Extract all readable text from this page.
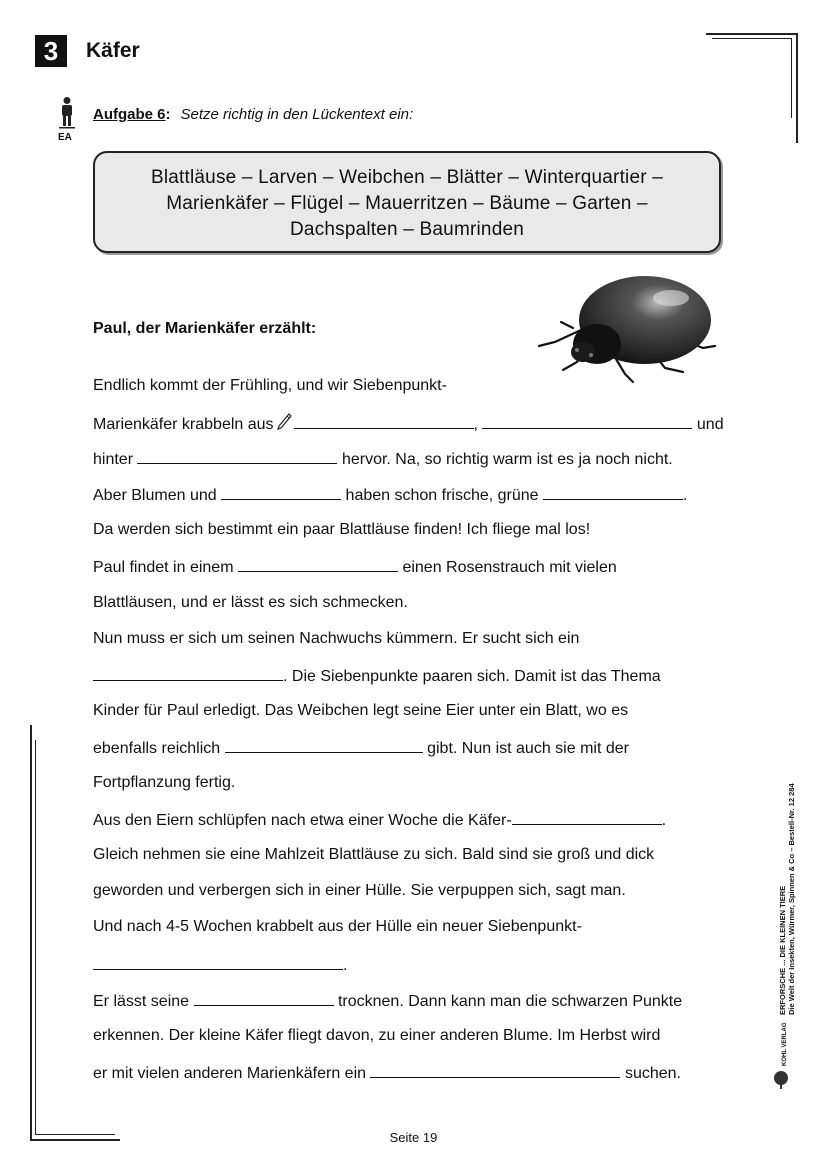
3	Käfer
EA
Aufgabe 6: Setze richtig in den Lückentext ein:
Blattläuse – Larven – Weibchen – Blätter – Winterquartier –
Marienkäfer – Flügel – Mauerritzen – Bäume – Garten –
Dachspalten – Baumrinden
Paul, der Marienkäfer erzählt:
Endlich kommt der Frühling, und wir Siebenpunkt-
Marienkäfer krabbeln aus	,	und
hinter	hervor. Na, so richtig warm ist es ja noch nicht.
Aber Blumen und	haben schon frische, grüne	.
Da werden sich bestimmt ein paar Blattläuse finden! Ich fliege mal los!
Paul findet in einem	einen Rosenstrauch mit vielen
Blattläusen, und er lässt es sich schmecken.
Nun muss er sich um seinen Nachwuchs kümmern. Er sucht sich ein
. Die Siebenpunkte paaren sich. Damit ist das Thema
Kinder für Paul erledigt. Das Weibchen legt seine Eier unter ein Blatt, wo es
ebenfalls reichlich	gibt. Nun ist auch sie mit der
Fortpflanzung fertig.
Aus den Eiern schlüpfen nach etwa einer Woche die Käfer-	.
Gleich nehmen sie eine Mahlzeit Blattläuse zu sich. Bald sind sie groß und dick
geworden und verbergen sich in einer Hülle. Sie verpuppen sich, sagt man.
Und nach 4-5 Wochen krabbelt aus der Hülle ein neuer Siebenpunkt-
.
Er lässt seine	trocknen. Dann kann man die schwarzen Punkte
erkennen. Der kleine Käfer fliegt davon, zu einer anderen Blume. Im Herbst wird
er mit vielen anderen Marienkäfern ein	suchen.
ERFORSCHE ... DIE KLEINEN TIERE Die Welt der Insekten, Würmer, Spinnen & Co – Bestell-Nr. 12 284
KOHL VERLAG
Seite 19
